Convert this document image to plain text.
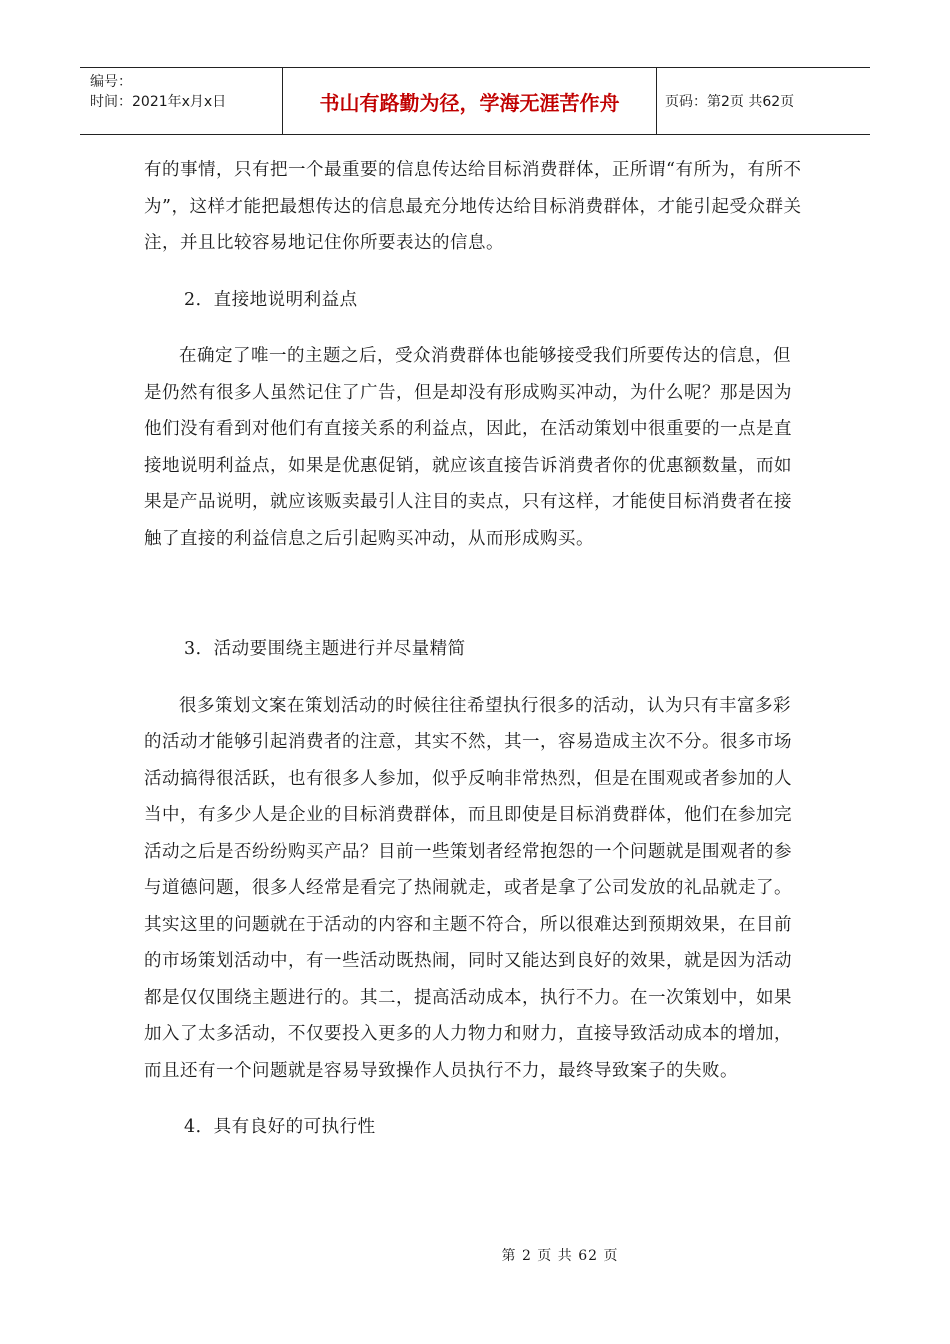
编号：
时间：2021年x月x日	书山有路勤为径，学海无涯苦作舟	页码：第2页 共62页

有的事情，只有把一个最重要的信息传达给目标消费群体，正所谓“有所为，有所不为”，这样才能把最想传达的信息最充分地传达给目标消费群体，才能引起受众群关注，并且比较容易地记住你所要表达的信息。

2．直接地说明利益点

在确定了唯一的主题之后，受众消费群体也能够接受我们所要传达的信息，但是仍然有很多人虽然记住了广告，但是却没有形成购买冲动，为什么呢？那是因为他们没有看到对他们有直接关系的利益点，因此，在活动策划中很重要的一点是直接地说明利益点，如果是优惠促销，就应该直接告诉消费者你的优惠额数量，而如果是产品说明，就应该贩卖最引人注目的卖点，只有这样，才能使目标消费者在接触了直接的利益信息之后引起购买冲动，从而形成购买。

3．活动要围绕主题进行并尽量精简

很多策划文案在策划活动的时候往往希望执行很多的活动，认为只有丰富多彩的活动才能够引起消费者的注意，其实不然，其一，容易造成主次不分。很多市场活动搞得很活跃，也有很多人参加，似乎反响非常热烈，但是在围观或者参加的人当中，有多少人是企业的目标消费群体，而且即使是目标消费群体，他们在参加完活动之后是否纷纷购买产品？目前一些策划者经常抱怨的一个问题就是围观者的参与道德问题，很多人经常是看完了热闹就走，或者是拿了公司发放的礼品就走了。其实这里的问题就在于活动的内容和主题不符合，所以很难达到预期效果，在目前的市场策划活动中，有一些活动既热闹，同时又能达到良好的效果，就是因为活动都是仅仅围绕主题进行的。其二，提高活动成本，执行不力。在一次策划中，如果加入了太多活动，不仅要投入更多的人力物力和财力，直接导致活动成本的增加，而且还有一个问题就是容易导致操作人员执行不力，最终导致案子的失败。

4．具有良好的可执行性

第 2 页 共 62 页
